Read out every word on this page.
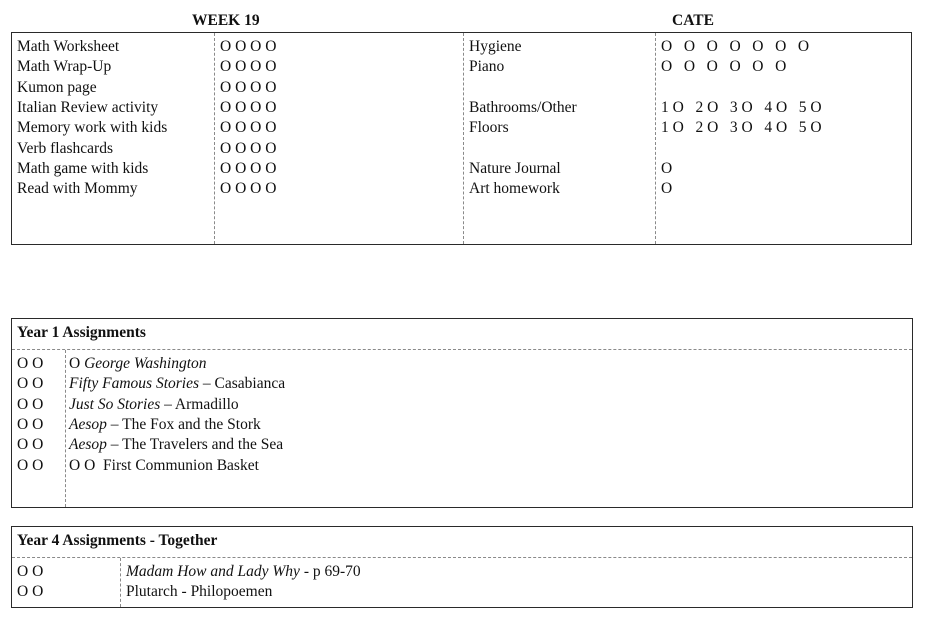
WEEK 19	CATE
Math Worksheet
Math Wrap-Up
Kumon page
Italian Review activity
Memory work with kids
Verb flashcards
Math game with kids
Read with Mommy
O O O O
O O O O
O O O O
O O O O
O O O O
O O O O
O O O O
O O O O
Hygiene
Piano
Bathrooms/Other
Floors
Nature Journal
Art homework
O   O   O   O   O   O   O
O   O   O   O   O   O
1 O   2 O   3 O   4 O   5 O
1 O   2 O   3 O   4 O   5 O
O
O
Year 1 Assignments
O O
O O
O O
O O
O O
O O
O George Washington
Fifty Famous Stories – Casabianca
Just So Stories – Armadillo
Aesop – The Fox and the Stork
Aesop – The Travelers and the Sea
O O  First Communion Basket
Year 4 Assignments - Together
O O
O O
Madam How and Lady Why - p 69-70
Plutarch - Philopoemen
